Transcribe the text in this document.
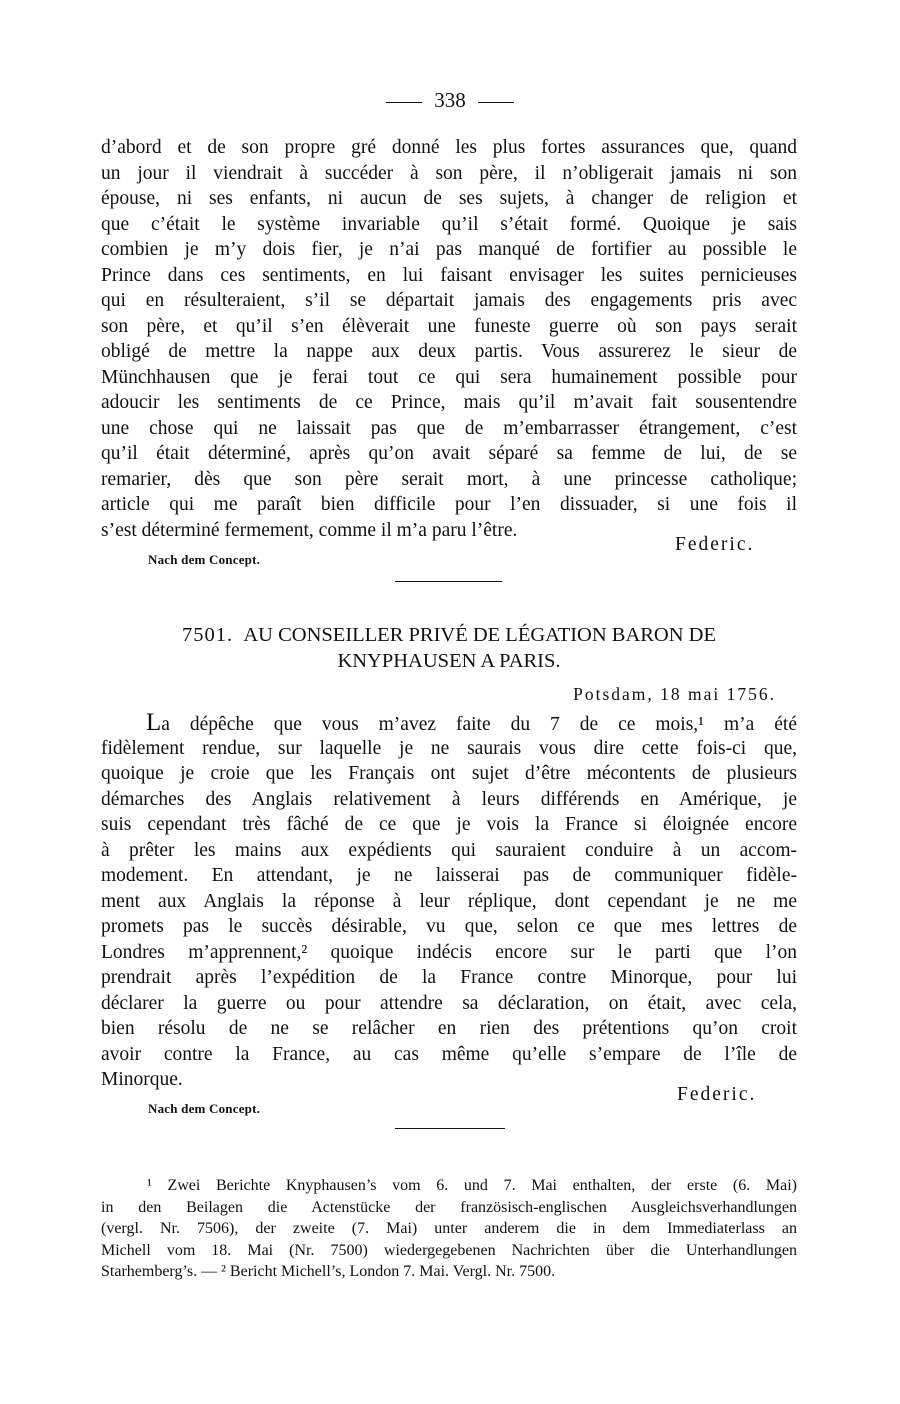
338
d’abord et de son propre gré donné les plus fortes assurances que, quand
un jour il viendrait à succéder à son père, il n’obligerait jamais ni son
épouse, ni ses enfants, ni aucun de ses sujets, à changer de religion et
que c’était le système invariable qu’il s’était formé. Quoique je sais
combien je m’y dois fier, je n’ai pas manqué de fortifier au possible le
Prince dans ces sentiments, en lui faisant envisager les suites pernicieuses
qui en résulteraient, s’il se départait jamais des engagements pris avec
son père, et qu’il s’en élèverait une funeste guerre où son pays serait
obligé de mettre la nappe aux deux partis. Vous assurerez le sieur de
Münchhausen que je ferai tout ce qui sera humainement possible pour
adoucir les sentiments de ce Prince, mais qu’il m’avait fait sousentendre
une chose qui ne laissait pas que de m’embarrasser étrangement, c’est
qu’il était déterminé, après qu’on avait séparé sa femme de lui, de se
remarier, dès que son père serait mort, à une princesse catholique;
article qui me paraît bien difficile pour l’en dissuader, si une fois il
s’est déterminé fermement, comme il m’a paru l’être.
Federic.
Nach dem Concept.
7501. AU CONSEILLER PRIVÉ DE LÉGATION BARON DE
KNYPHAUSEN A PARIS.
Potsdam, 18 mai 1756.
La dépêche que vous m’avez faite du 7 de ce mois,¹ m’a été
fidèlement rendue, sur laquelle je ne saurais vous dire cette fois-ci que,
quoique je croie que les Français ont sujet d’être mécontents de plusieurs
démarches des Anglais relativement à leurs différends en Amérique, je
suis cependant très fâché de ce que je vois la France si éloignée encore
à prêter les mains aux expédients qui sauraient conduire à un accom-
modement. En attendant, je ne laisserai pas de communiquer fidèle-
ment aux Anglais la réponse à leur réplique, dont cependant je ne me
promets pas le succès désirable, vu que, selon ce que mes lettres de
Londres m’apprennent,² quoique indécis encore sur le parti que l’on
prendrait après l’expédition de la France contre Minorque, pour lui
déclarer la guerre ou pour attendre sa déclaration, on était, avec cela,
bien résolu de ne se relâcher en rien des prétentions qu’on croit
avoir contre la France, au cas même qu’elle s’empare de l’île de
Minorque.
Federic.
Nach dem Concept.
¹ Zwei Berichte Knyphausen’s vom 6. und 7. Mai enthalten, der erste (6. Mai)
in den Beilagen die Actenstücke der französisch-englischen Ausgleichsverhandlungen
(vergl. Nr. 7506), der zweite (7. Mai) unter anderem die in dem Immediaterlass an
Michell vom 18. Mai (Nr. 7500) wiedergegebenen Nachrichten über die Unterhandlungen
Starhemberg’s. — ² Bericht Michell’s, London 7. Mai. Vergl. Nr. 7500.
